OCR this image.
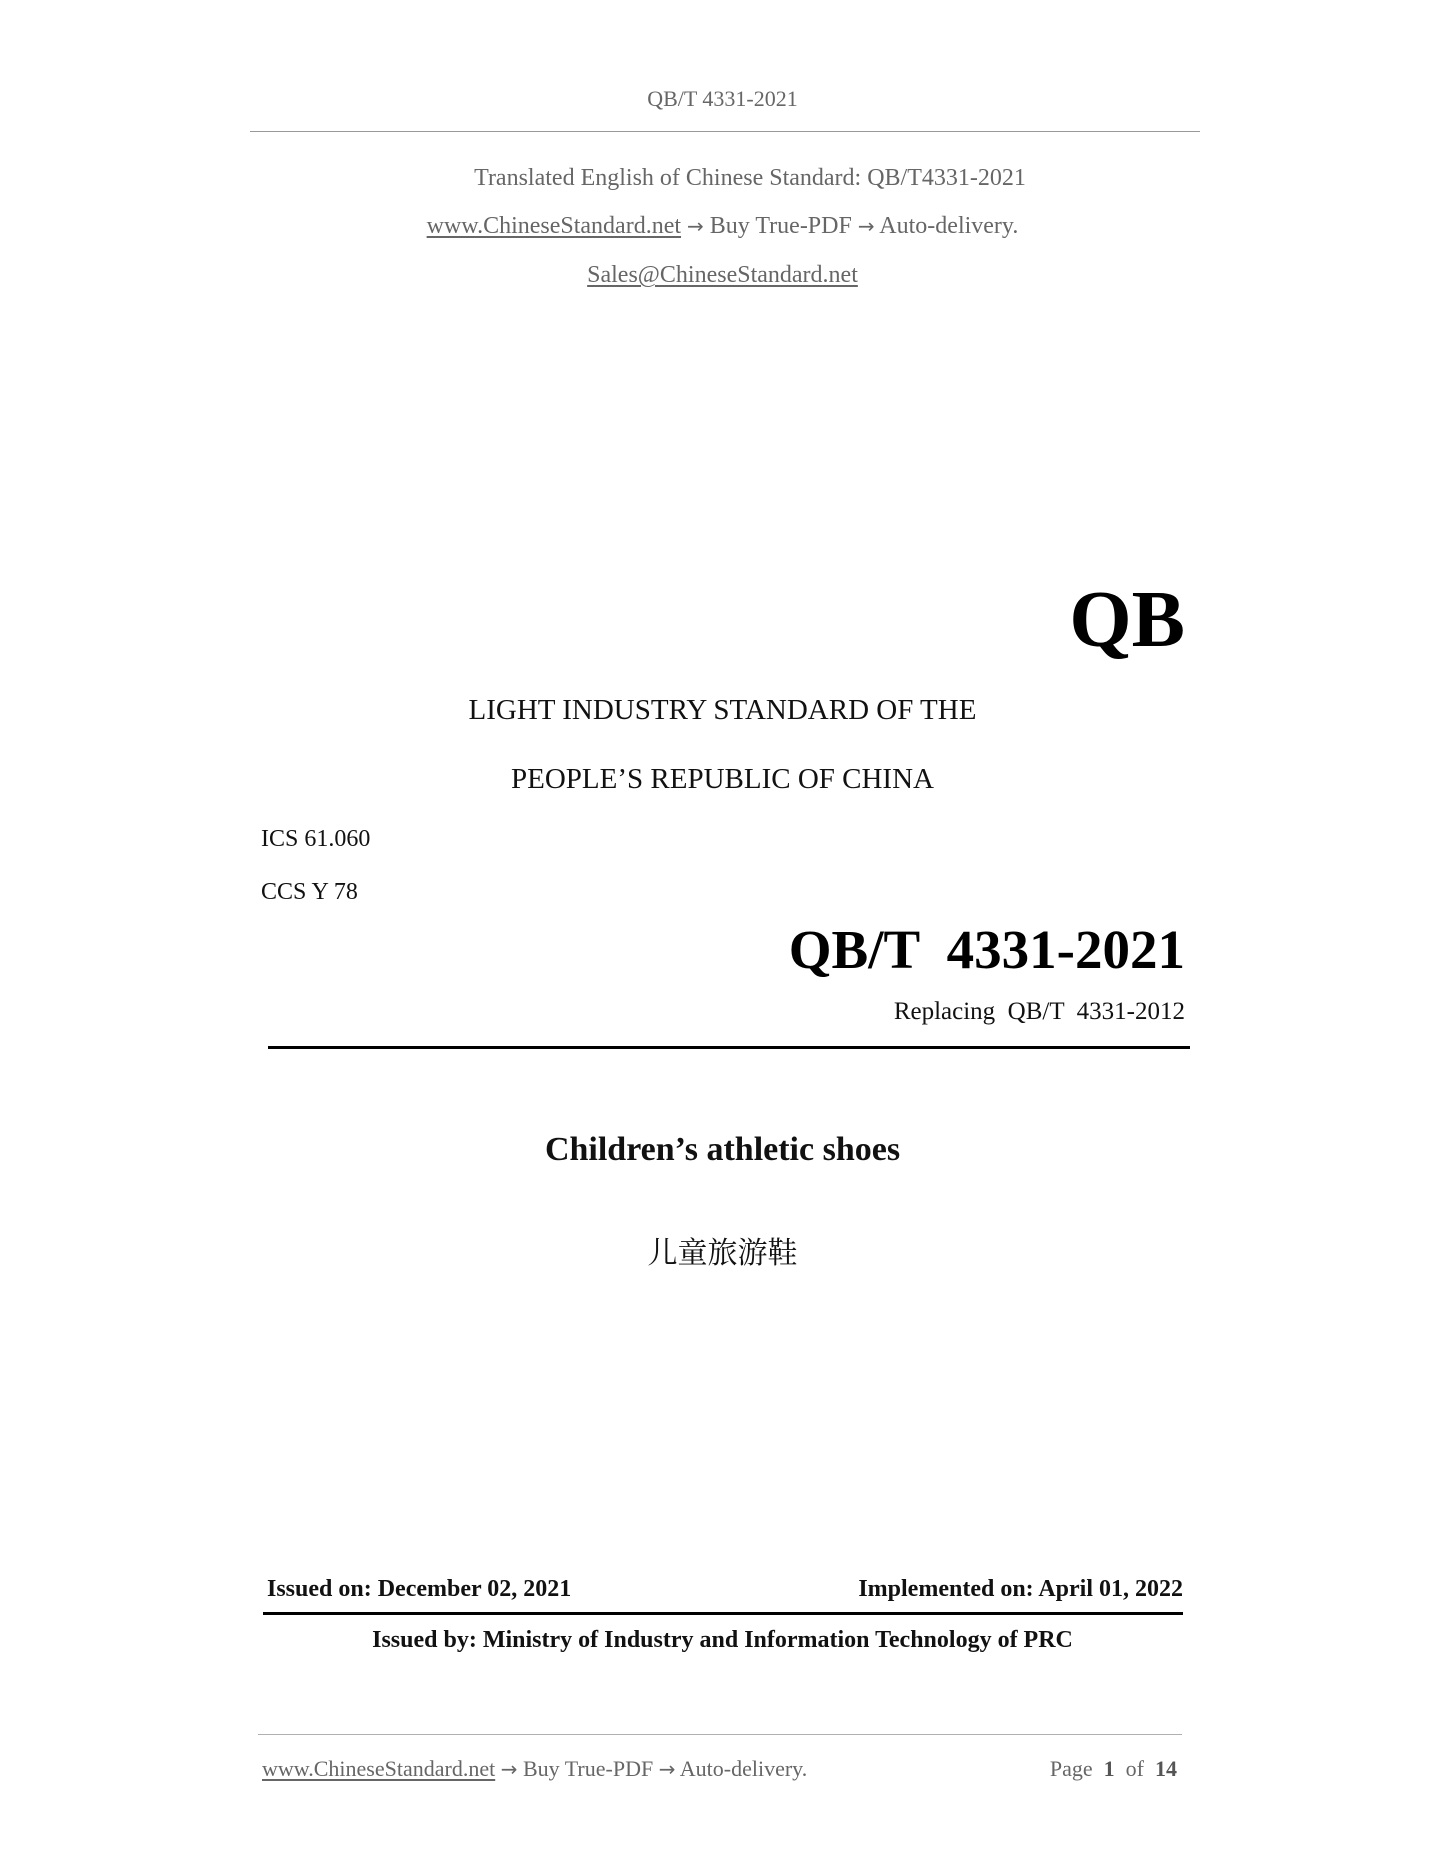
QB/T 4331-2021
Translated English of Chinese Standard: QB/T4331-2021
www.ChineseStandard.net → Buy True-PDF → Auto-delivery.
Sales@ChineseStandard.net
QB
LIGHT INDUSTRY STANDARD OF THE
PEOPLE’S REPUBLIC OF CHINA
ICS 61.060
CCS Y 78
QB/T  4331-2021
Replacing  QB/T  4331-2012
Children’s athletic shoes
儿童旅游鞋
Issued on: December 02, 2021	Implemented on: April 01, 2022
Issued by: Ministry of Industry and Information Technology of PRC
www.ChineseStandard.net → Buy True-PDF → Auto-delivery.	Page 1 of 14
